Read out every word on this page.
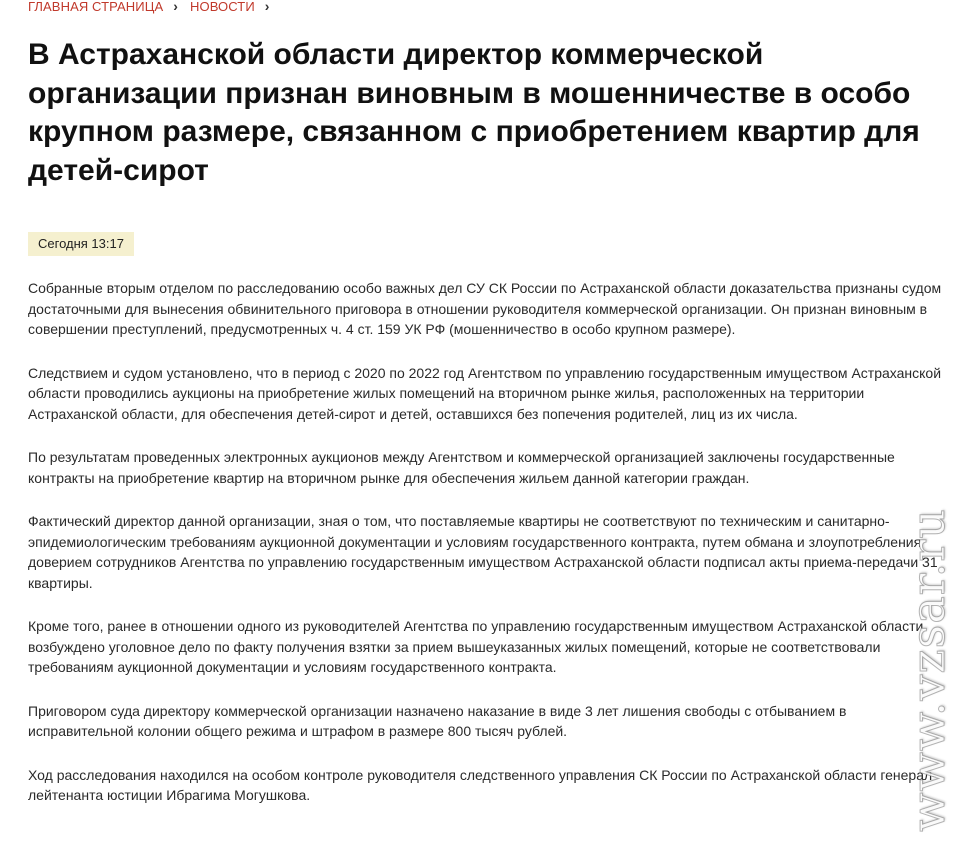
ГЛАВНАЯ СТРАНИЦА › НОВОСТИ ›
В Астраханской области директор коммерческой организации признан виновным в мошенничестве в особо крупном размере, связанном с приобретением квартир для детей-сирот
Сегодня 13:17

Собранные вторым отделом по расследованию особо важных дел СУ СК России по Астраханской области доказательства признаны судом достаточными для вынесения обвинительного приговора в отношении руководителя коммерческой организации. Он признан виновным в совершении преступлений, предусмотренных ч. 4 ст. 159 УК РФ (мошенничество в особо крупном размере).

Следствием и судом установлено, что в период с 2020 по 2022 год Агентством по управлению государственным имуществом Астраханской области проводились аукционы на приобретение жилых помещений на вторичном рынке жилья, расположенных на территории Астраханской области, для обеспечения детей-сирот и детей, оставшихся без попечения родителей, лиц из их числа.

По результатам проведенных электронных аукционов между Агентством и коммерческой организацией заключены государственные контракты на приобретение квартир на вторичном рынке для обеспечения жильем данной категории граждан.

Фактический директор данной организации, зная о том, что поставляемые квартиры не соответствуют по техническим и санитарно-эпидемиологическим требованиям аукционной документации и условиям государственного контракта, путем обмана и злоупотребления доверием сотрудников Агентства по управлению государственным имуществом Астраханской области подписал акты приема-передачи 31 квартиры.

Кроме того, ранее в отношении одного из руководителей Агентства по управлению государственным имуществом Астраханской области возбуждено уголовное дело по факту получения взятки за прием вышеуказанных жилых помещений, которые не соответствовали требованиям аукционной документации и условиям государственного контракта.

Приговором суда директору коммерческой организации назначено наказание в виде 3 лет лишения свободы с отбыванием в исправительной колонии общего режима и штрафом в размере 800 тысяч рублей.

Ход расследования находился на особом контроле руководителя следственного управления СК России по Астраханской области генерал-лейтенанта юстиции Ибрагима Могушкова.	www.vzsar.ru
